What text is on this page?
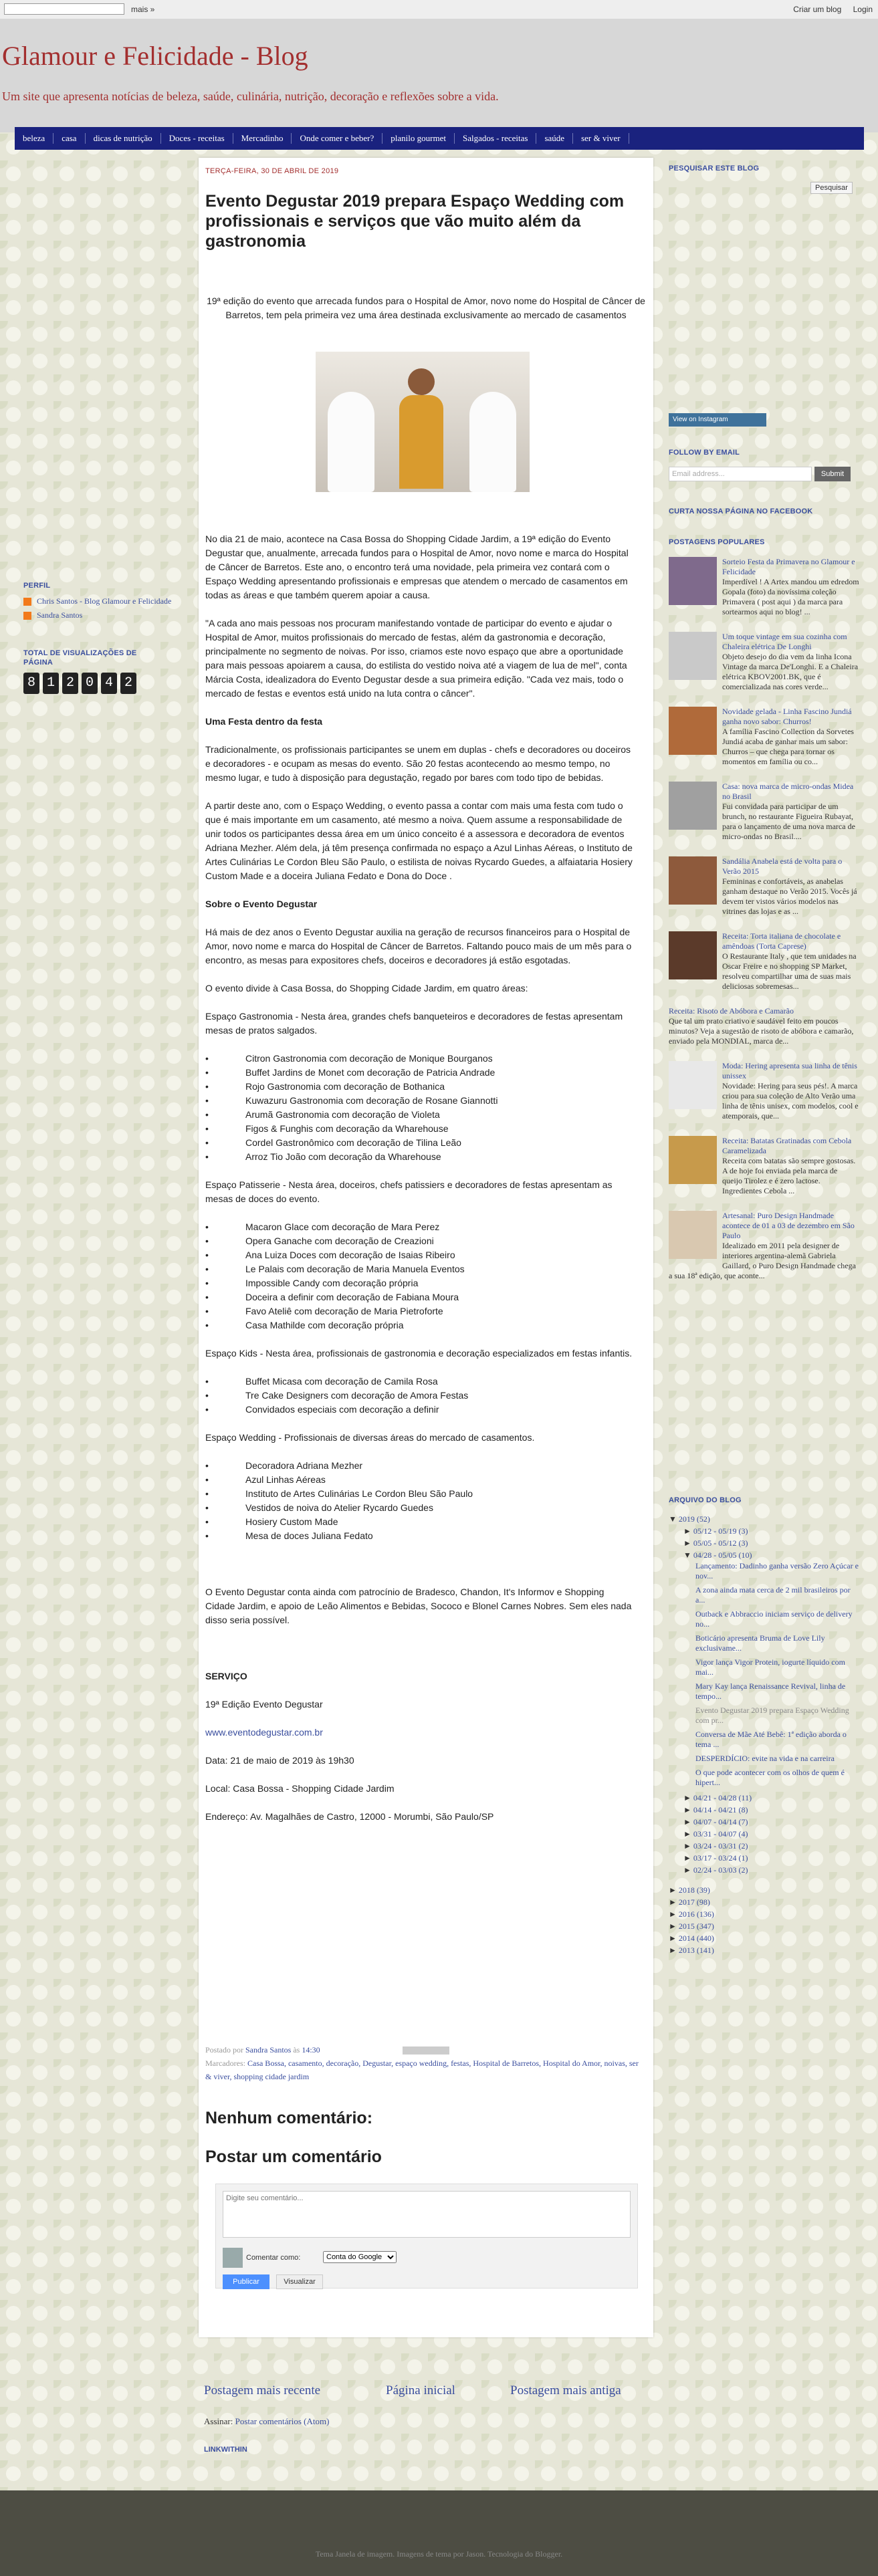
mais »	Criar um blog Login
Glamour e Felicidade - Blog
Um site que apresenta notícias de beleza, saúde, culinária, nutrição, decoração e reflexões sobre a vida.
beleza	casa	dicas de nutrição	Doces - receitas	Mercadinho	Onde comer e beber?	planilo gourmet	Salgados - receitas	saúde	ser & viver
PERFIL
Chris Santos - Blog Glamour e Felicidade
Sandra Santos
TOTAL DE VISUALIZAÇÕES DE PÁGINA
8 1 2 0 4 2
TERÇA-FEIRA, 30 DE ABRIL DE 2019
Evento Degustar 2019 prepara Espaço Wedding com profissionais e serviços que vão muito além da gastronomia
19ª edição do evento que arrecada fundos para o Hospital de Amor, novo nome do Hospital de Câncer de Barretos, tem pela primeira vez uma área destinada exclusivamente ao mercado de casamentos

No dia 21 de maio, acontece na Casa Bossa do Shopping Cidade Jardim, a 19ª edição do Evento Degustar que, anualmente, arrecada fundos para o Hospital de Amor, novo nome e marca do Hospital de Câncer de Barretos. Este ano, o encontro terá uma novidade, pela primeira vez contará com o Espaço Wedding apresentando profissionais e empresas que atendem o mercado de casamentos em todas as áreas e que também querem apoiar a causa.

"A cada ano mais pessoas nos procuram manifestando vontade de participar do evento e ajudar o Hospital de Amor, muitos profissionais do mercado de festas, além da gastronomia e decoração, principalmente no segmento de noivas. Por isso, criamos este novo espaço que abre a oportunidade para mais pessoas apoiarem a causa, do estilista do vestido noiva até a viagem de lua de mel", conta Márcia Costa, idealizadora do Evento Degustar desde a sua primeira edição. "Cada vez mais, todo o mercado de festas e eventos está unido na luta contra o câncer".

Uma Festa dentro da festa

Tradicionalmente, os profissionais participantes se unem em duplas - chefs e decoradores ou doceiros e decoradores - e ocupam as mesas do evento. São 20 festas acontecendo ao mesmo tempo, no mesmo lugar, e tudo à disposição para degustação, regado por bares com todo tipo de bebidas.

A partir deste ano, com o Espaço Wedding, o evento passa a contar com mais uma festa com tudo o que é mais importante em um casamento, até mesmo a noiva. Quem assume a responsabilidade de unir todos os participantes dessa área em um único conceito é a assessora e decoradora de eventos Adriana Mezher. Além dela, já têm presença confirmada no espaço a Azul Linhas Aéreas, o Instituto de Artes Culinárias Le Cordon Bleu São Paulo, o estilista de noivas Rycardo Guedes, a alfaiataria Hosiery Custom Made e a doceira Juliana Fedato e Dona do Doce .

Sobre o Evento Degustar

Há mais de dez anos o Evento Degustar auxilia na geração de recursos financeiros para o Hospital de Amor, novo nome e marca do Hospital de Câncer de Barretos. Faltando pouco mais de um mês para o encontro, as mesas para expositores chefs, doceiros e decoradores já estão esgotadas.

O evento divide à Casa Bossa, do Shopping Cidade Jardim, em quatro áreas:

Espaço Gastronomia - Nesta área, grandes chefs banqueteiros e decoradores de festas apresentam mesas de pratos salgados.

• Citron Gastronomia com decoração de Monique Bourganos

• Buffet Jardins de Monet com decoração de Patricia Andrade

• Rojo Gastronomia com decoração de Bothanica

• Kuwazuru Gastronomia com decoração de Rosane Giannotti

• Arumã Gastronomia com decoração de Violeta

• Figos & Funghis com decoração da Wharehouse

• Cordel Gastronômico com decoração de Tilina Leão

• Arroz Tio João com decoração da Wharehouse

Espaço Patisserie - Nesta área, doceiros, chefs patissiers e decoradores de festas apresentam as mesas de doces do evento.

• Macaron Glace com decoração de Mara Perez

• Opera Ganache com decoração de Creazioni

• Ana Luiza Doces com decoração de Isaias Ribeiro

• Le Palais com decoração de Maria Manuela Eventos

• Impossible Candy com decoração própria

• Doceira a definir com decoração de Fabiana Moura

• Favo Ateliê com decoração de Maria Pietroforte

• Casa Mathilde com decoração própria

Espaço Kids - Nesta área, profissionais de gastronomia e decoração especializados em festas infantis.

• Buffet Micasa com decoração de Camila Rosa

• Tre Cake Designers com decoração de Amora Festas

• Convidados especiais com decoração a definir

Espaço Wedding - Profissionais de diversas áreas do mercado de casamentos.

• Decoradora Adriana Mezher

• Azul Linhas Aéreas

• Instituto de Artes Culinárias Le Cordon Bleu São Paulo

• Vestidos de noiva do Atelier Rycardo Guedes

• Hosiery Custom Made

• Mesa de doces Juliana Fedato

O Evento Degustar conta ainda com patrocínio de Bradesco, Chandon, It's Informov e Shopping Cidade Jardim, e apoio de Leão Alimentos e Bebidas, Sococo e Blonel Carnes Nobres. Sem eles nada disso seria possível.

SERVIÇO

19ª Edição Evento Degustar

www.eventodegustar.com.br

Data: 21 de maio de 2019 às 19h30

Local: Casa Bossa - Shopping Cidade Jardim

Endereço: Av. Magalhães de Castro, 12000 - Morumbi, São Paulo/SP

Postado por Sandra Santos às 14:30
Marcadores: Casa Bossa, casamento, decoração, Degustar, espaço wedding, festas, Hospital de Barretos, Hospital do Amor, noivas, ser & viver, shopping cidade jardim
Nenhum comentário:
Postar um comentário
Digite seu comentário...
Comentar como:
Conta do Google
Publicar	Visualizar
Postagem mais recente	Página inicial	Postagem mais antiga
Assinar: Postar comentários (Atom)
LINKWITHIN
PESQUISAR ESTE BLOG
Pesquisar
View on Instagram
FOLLOW BY EMAIL
Email address...	Submit
CURTA NOSSA PÁGINA NO FACEBOOK
POSTAGENS POPULARES
Sorteio Festa da Primavera no Glamour e Felicidade
Imperdível ! A Artex mandou um edredom Gopala (foto) da novíssima coleção Primavera ( post aqui ) da marca para sortearmos aqui no blog! ...
Um toque vintage em sua cozinha com Chaleira elétrica De Longhi
Objeto desejo do dia vem da linha Icona Vintage da marca De'Longhi. E a Chaleira elétrica KBOV2001.BK, que é comercializada nas cores verde...
Novidade gelada - Linha Fascino Jundiá ganha novo sabor: Churros!
A família Fascino Collection da Sorvetes Jundiá acaba de ganhar mais um sabor: Churros – que chega para tornar os momentos em família ou co...
Casa: nova marca de micro-ondas Midea no Brasil
Fui convidada para participar de um brunch, no restaurante Figueira Rubayat, para o lançamento de uma nova marca de micro-ondas no Brasil....
Sandália Anabela está de volta para o Verão 2015
Femininas e confortáveis, as anabelas ganham destaque no Verão 2015. Vocês já devem ter vistos vários modelos nas vitrines das lojas e as ...
Receita: Torta italiana de chocolate e amêndoas (Torta Caprese)
O Restaurante Italy , que tem unidades na Oscar Freire e no shopping SP Market, resolveu compartilhar uma de suas mais deliciosas sobremesas...
Receita: Risoto de Abóbora e Camarão
Que tal um prato criativo e saudável feito em poucos minutos? Veja a sugestão de risoto de abóbora e camarão, enviado pela MONDIAL, marca de...
Moda: Hering apresenta sua linha de tênis unissex
Novidade: Hering para seus pés!. A marca criou para sua coleção de Alto Verão uma linha de tênis unisex, com modelos, cool e atemporais, que...
Receita: Batatas Gratinadas com Cebola Caramelizada
Receita com batatas são sempre gostosas. A de hoje foi enviada pela marca de queijo Tirolez e é zero lactose. Ingredientes Cebola ...
Artesanal: Puro Design Handmade acontece de 01 a 03 de dezembro em São Paulo
Idealizado em 2011 pela designer de interiores argentina-alemã Gabriela Gaillard, o Puro Design Handmade chega a sua 18ª edição, que aconte...
ARQUIVO DO BLOG
▼ 2019 (52)
► 05/12 - 05/19 (3)
► 05/05 - 05/12 (3)
▼ 04/28 - 05/05 (10)
Lançamento: Dadinho ganha versão Zero Açúcar e nov...
A zona ainda mata cerca de 2 mil brasileiros por a...
Outback e Abbraccio iniciam serviço de delivery no...
Boticário apresenta Bruma de Love Lily exclusivame...
Vigor lança Vigor Protein, iogurte líquido com mai...
Mary Kay lança Renaissance Revival, linha de tempo...
Evento Degustar 2019 prepara Espaço Wedding com pr...
Conversa de Mãe Até Bebê: 1ª edição aborda o tema ...
DESPERDÍCIO: evite na vida e na carreira
O que pode acontecer com os olhos de quem é hipert...
► 04/21 - 04/28 (11)
► 04/14 - 04/21 (8)
► 04/07 - 04/14 (7)
► 03/31 - 04/07 (4)
► 03/24 - 03/31 (2)
► 03/17 - 03/24 (1)
► 02/24 - 03/03 (2)
► 2018 (39)
► 2017 (98)
► 2016 (136)
► 2015 (347)
► 2014 (440)
► 2013 (141)
Tema Janela de imagem. Imagens de tema por Jason. Tecnologia do Blogger.
